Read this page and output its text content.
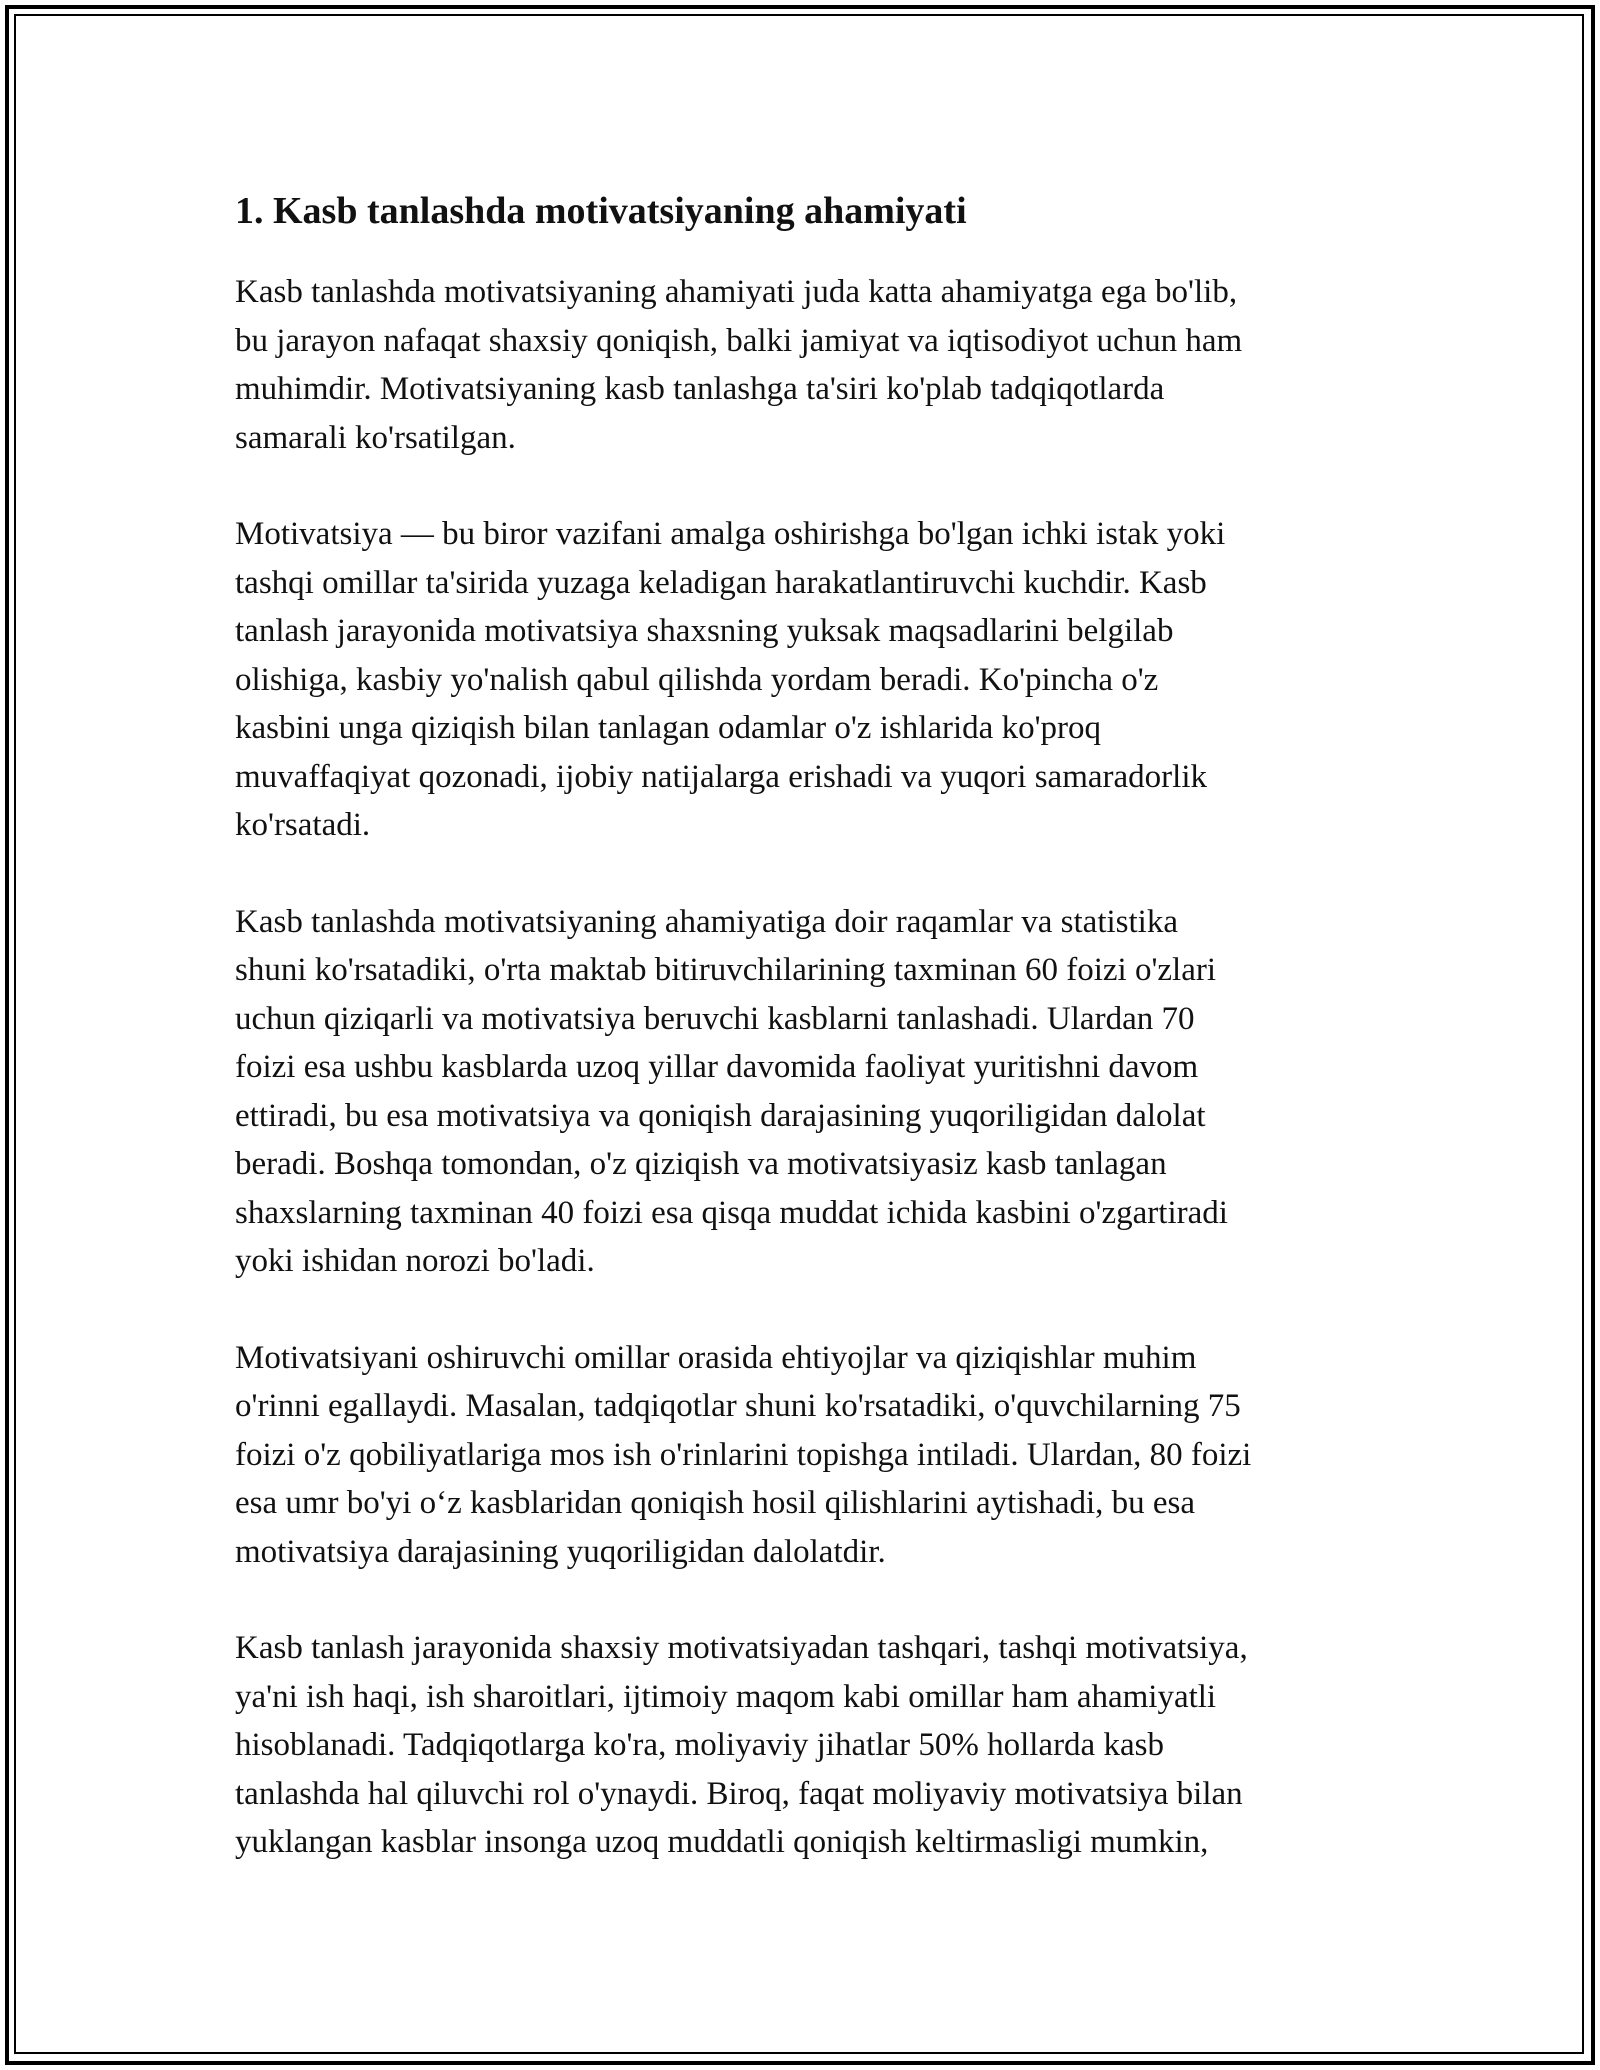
1. Kasb tanlashda motivatsiyaning ahamiyati

Kasb tanlashda motivatsiyaning ahamiyati juda katta ahamiyatga ega bo'lib,
bu jarayon nafaqat shaxsiy qoniqish, balki jamiyat va iqtisodiyot uchun ham
muhimdir. Motivatsiyaning kasb tanlashga ta'siri ko'plab tadqiqotlarda
samarali ko'rsatilgan.

Motivatsiya — bu biror vazifani amalga oshirishga bo'lgan ichki istak yoki
tashqi omillar ta'sirida yuzaga keladigan harakatlantiruvchi kuchdir. Kasb
tanlash jarayonida motivatsiya shaxsning yuksak maqsadlarini belgilab
olishiga, kasbiy yo'nalish qabul qilishda yordam beradi. Ko'pincha o'z
kasbini unga qiziqish bilan tanlagan odamlar o'z ishlarida ko'proq
muvaffaqiyat qozonadi, ijobiy natijalarga erishadi va yuqori samaradorlik
ko'rsatadi.

Kasb tanlashda motivatsiyaning ahamiyatiga doir raqamlar va statistika
shuni ko'rsatadiki, o'rta maktab bitiruvchilarining taxminan 60 foizi o'zlari
uchun qiziqarli va motivatsiya beruvchi kasblarni tanlashadi. Ulardan 70
foizi esa ushbu kasblarda uzoq yillar davomida faoliyat yuritishni davom
ettiradi, bu esa motivatsiya va qoniqish darajasining yuqoriligidan dalolat
beradi. Boshqa tomondan, o'z qiziqish va motivatsiyasiz kasb tanlagan
shaxslarning taxminan 40 foizi esa qisqa muddat ichida kasbini o'zgartiradi
yoki ishidan norozi bo'ladi.

Motivatsiyani oshiruvchi omillar orasida ehtiyojlar va qiziqishlar muhim
o'rinni egallaydi. Masalan, tadqiqotlar shuni ko'rsatadiki, o'quvchilarning 75
foizi o'z qobiliyatlariga mos ish o'rinlarini topishga intiladi. Ulardan, 80 foizi
esa umr bo'yi o‘z kasblaridan qoniqish hosil qilishlarini aytishadi, bu esa
motivatsiya darajasining yuqoriligidan dalolatdir.

Kasb tanlash jarayonida shaxsiy motivatsiyadan tashqari, tashqi motivatsiya,
ya'ni ish haqi, ish sharoitlari, ijtimoiy maqom kabi omillar ham ahamiyatli
hisoblanadi. Tadqiqotlarga ko'ra, moliyaviy jihatlar 50% hollarda kasb
tanlashda hal qiluvchi rol o'ynaydi. Biroq, faqat moliyaviy motivatsiya bilan
yuklangan kasblar insonga uzoq muddatli qoniqish keltirmasligi mumkin,
